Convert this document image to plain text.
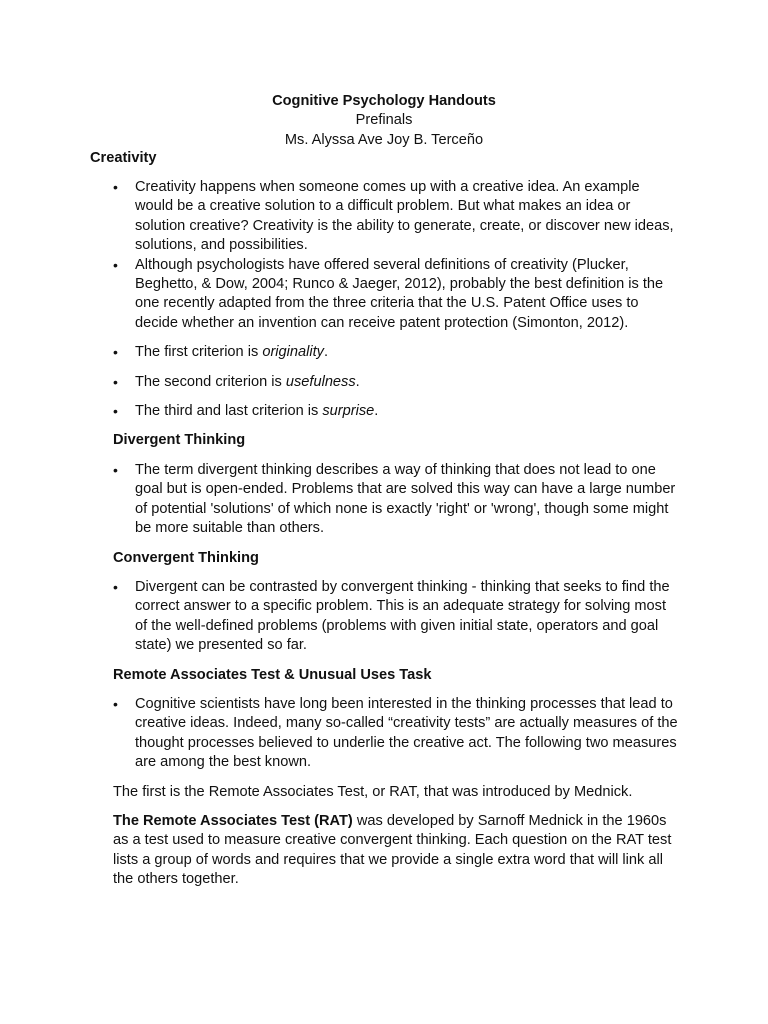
Cognitive Psychology Handouts
Prefinals
Ms. Alyssa Ave Joy B. Terceño
Creativity
• Creativity happens when someone comes up with a creative idea. An example would be a creative solution to a difficult problem. But what makes an idea or solution creative? Creativity is the ability to generate, create, or discover new ideas, solutions, and possibilities.
• Although psychologists have offered several definitions of creativity (Plucker, Beghetto, & Dow, 2004; Runco & Jaeger, 2012), probably the best definition is the one recently adapted from the three criteria that the U.S. Patent Office uses to decide whether an invention can receive patent protection (Simonton, 2012).
• The first criterion is originality.
• The second criterion is usefulness.
• The third and last criterion is surprise.
Divergent Thinking
• The term divergent thinking describes a way of thinking that does not lead to one goal but is open-ended. Problems that are solved this way can have a large number of potential 'solutions' of which none is exactly 'right' or 'wrong', though some might be more suitable than others.
Convergent Thinking
• Divergent can be contrasted by convergent thinking - thinking that seeks to find the correct answer to a specific problem. This is an adequate strategy for solving most of the well-defined problems (problems with given initial state, operators and goal state) we presented so far.
Remote Associates Test & Unusual Uses Task
• Cognitive scientists have long been interested in the thinking processes that lead to creative ideas. Indeed, many so-called “creativity tests” are actually measures of the thought processes believed to underlie the creative act. The following two measures are among the best known.

The first is the Remote Associates Test, or RAT, that was introduced by Mednick.

The Remote Associates Test (RAT) was developed by Sarnoff Mednick in the 1960s as a test used to measure creative convergent thinking. Each question on the RAT test lists a group of words and requires that we provide a single extra word that will link all the others together.
